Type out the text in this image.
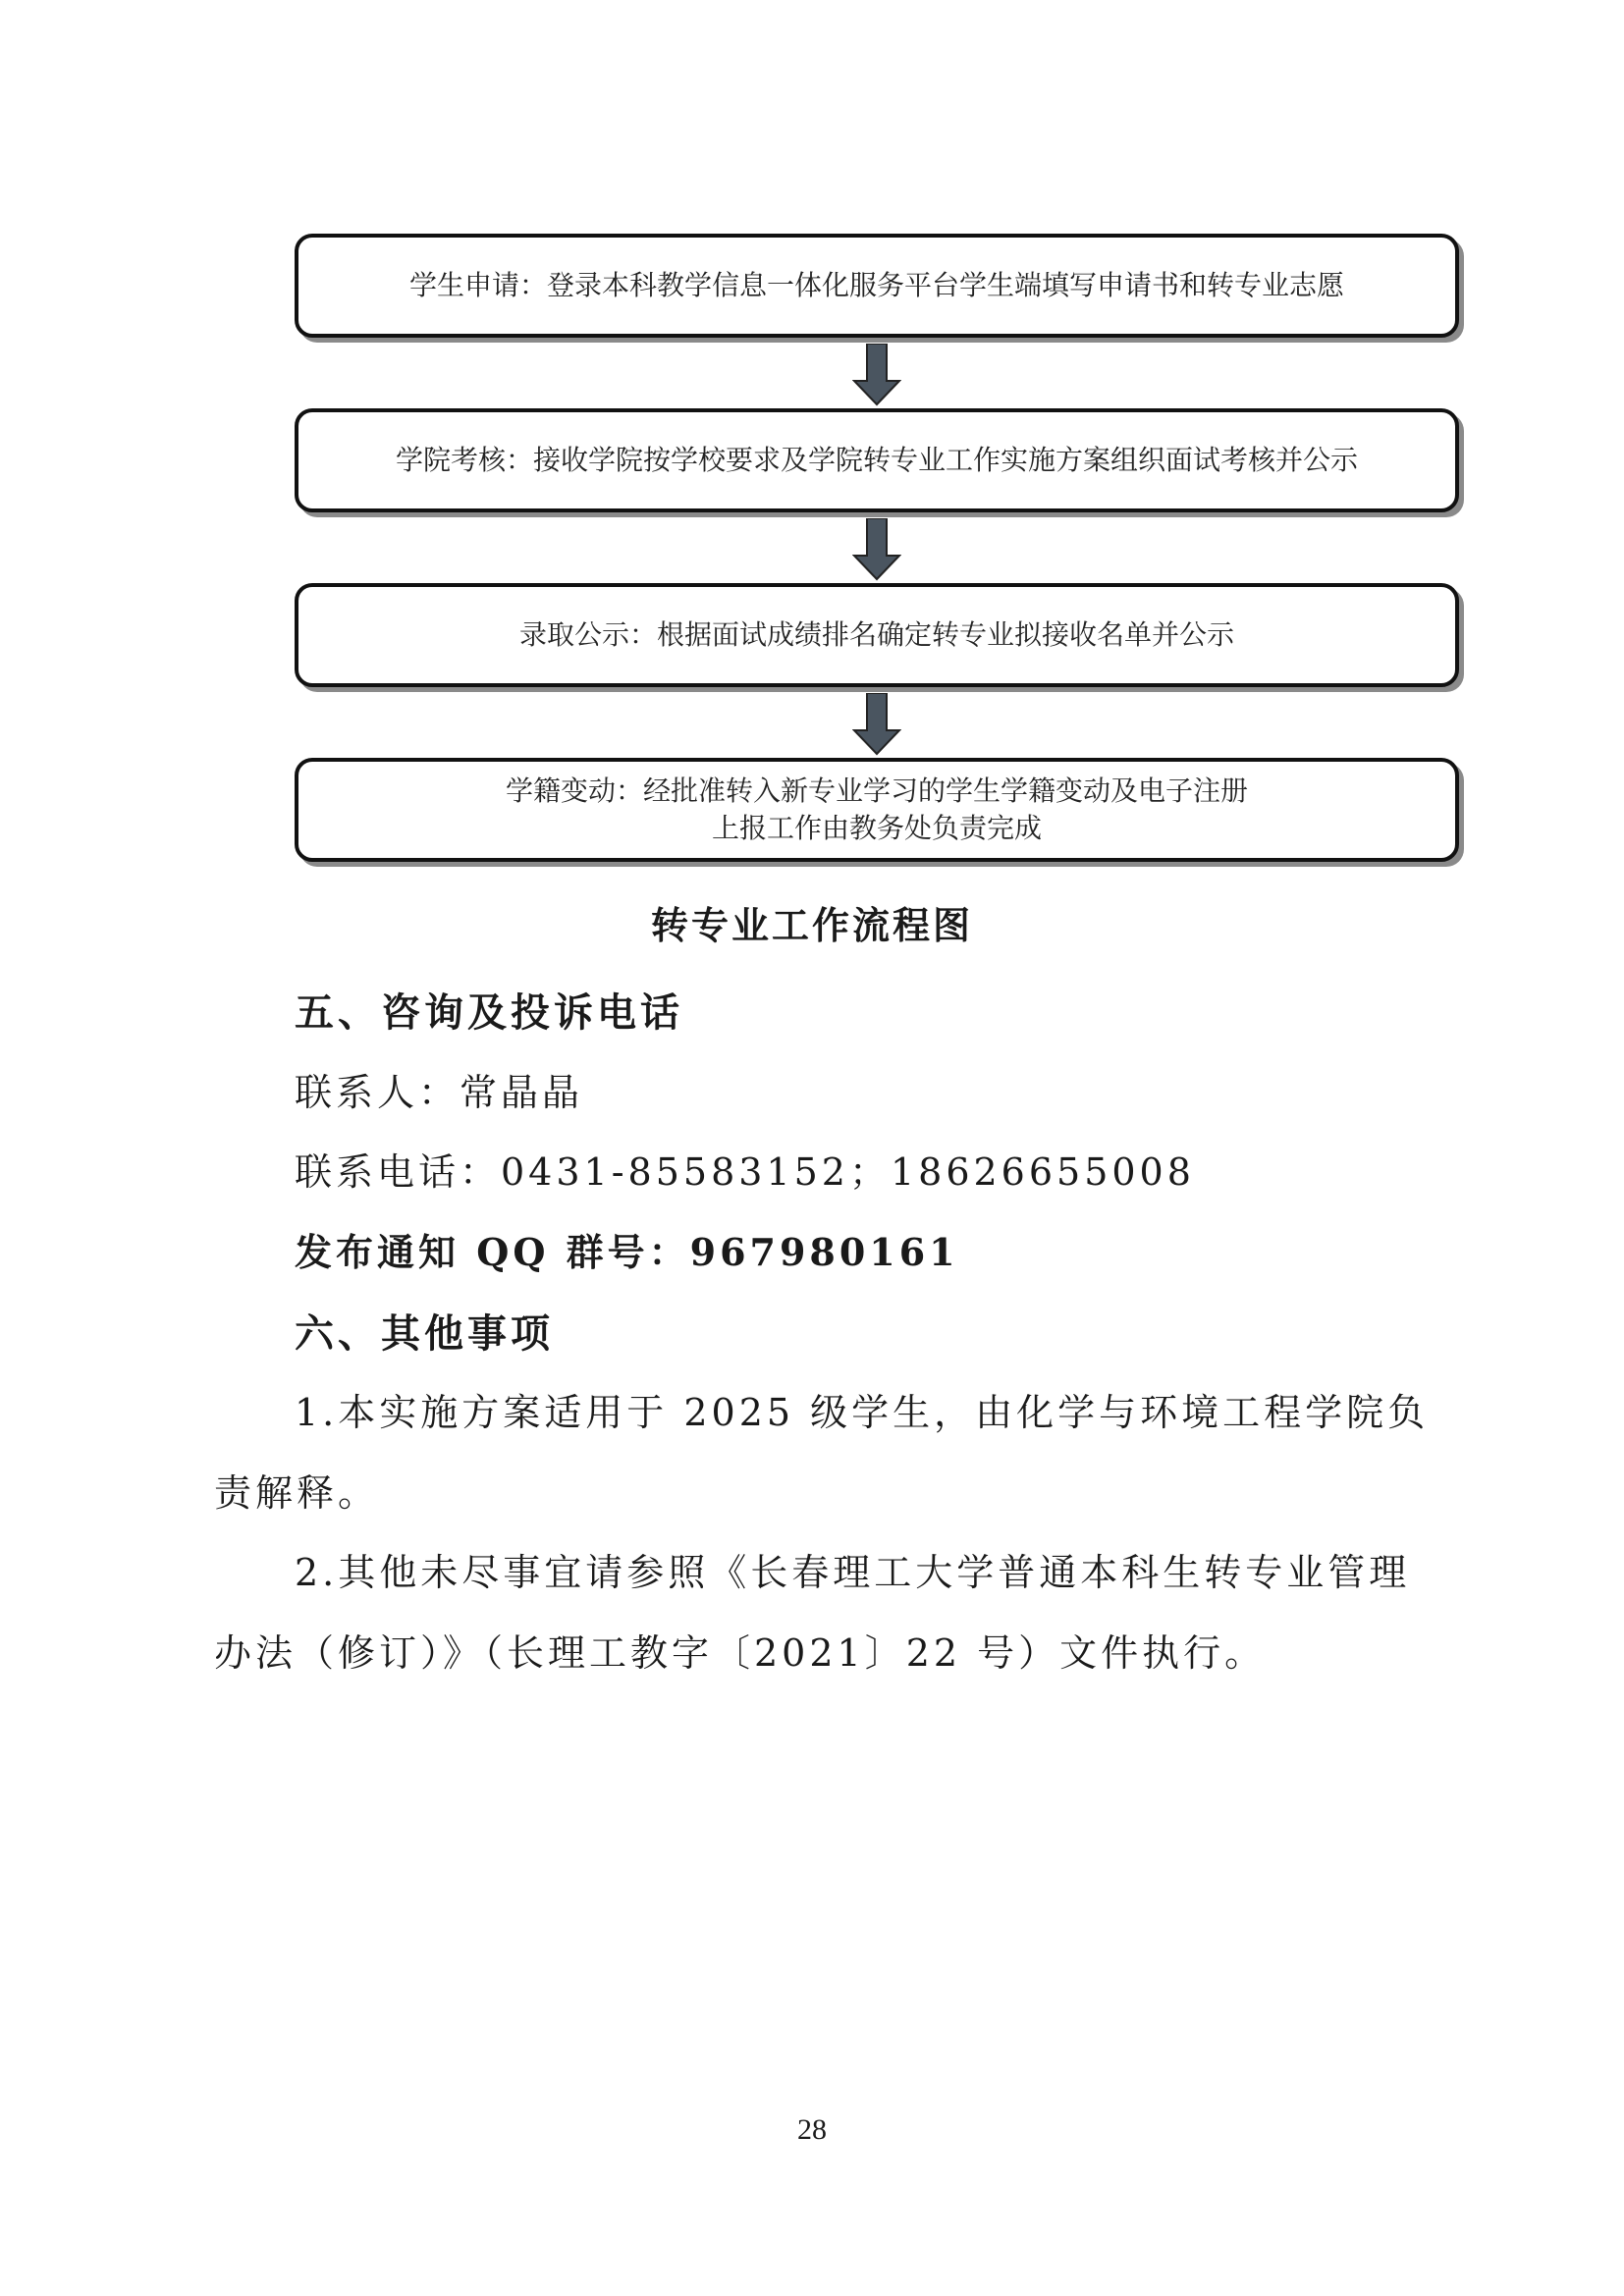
学生申请：登录本科教学信息一体化服务平台学生端填写申请书和转专业志愿
学院考核：接收学院按学校要求及学院转专业工作实施方案组织面试考核并公示
录取公示：根据面试成绩排名确定转专业拟接收名单并公示
学籍变动：经批准转入新专业学习的学生学籍变动及电子注册
上报工作由教务处负责完成
转专业工作流程图
五、咨询及投诉电话
联系人：常晶晶
联系电话：0431-85583152；18626655008
发布通知 QQ 群号：967980161
六、其他事项
1.本实施方案适用于 2025 级学生，由化学与环境工程学院负
责解释。
2.其他未尽事宜请参照《长春理工大学普通本科生转专业管理
办法（修订）》（长理工教字〔2021〕22 号）文件执行。
28
